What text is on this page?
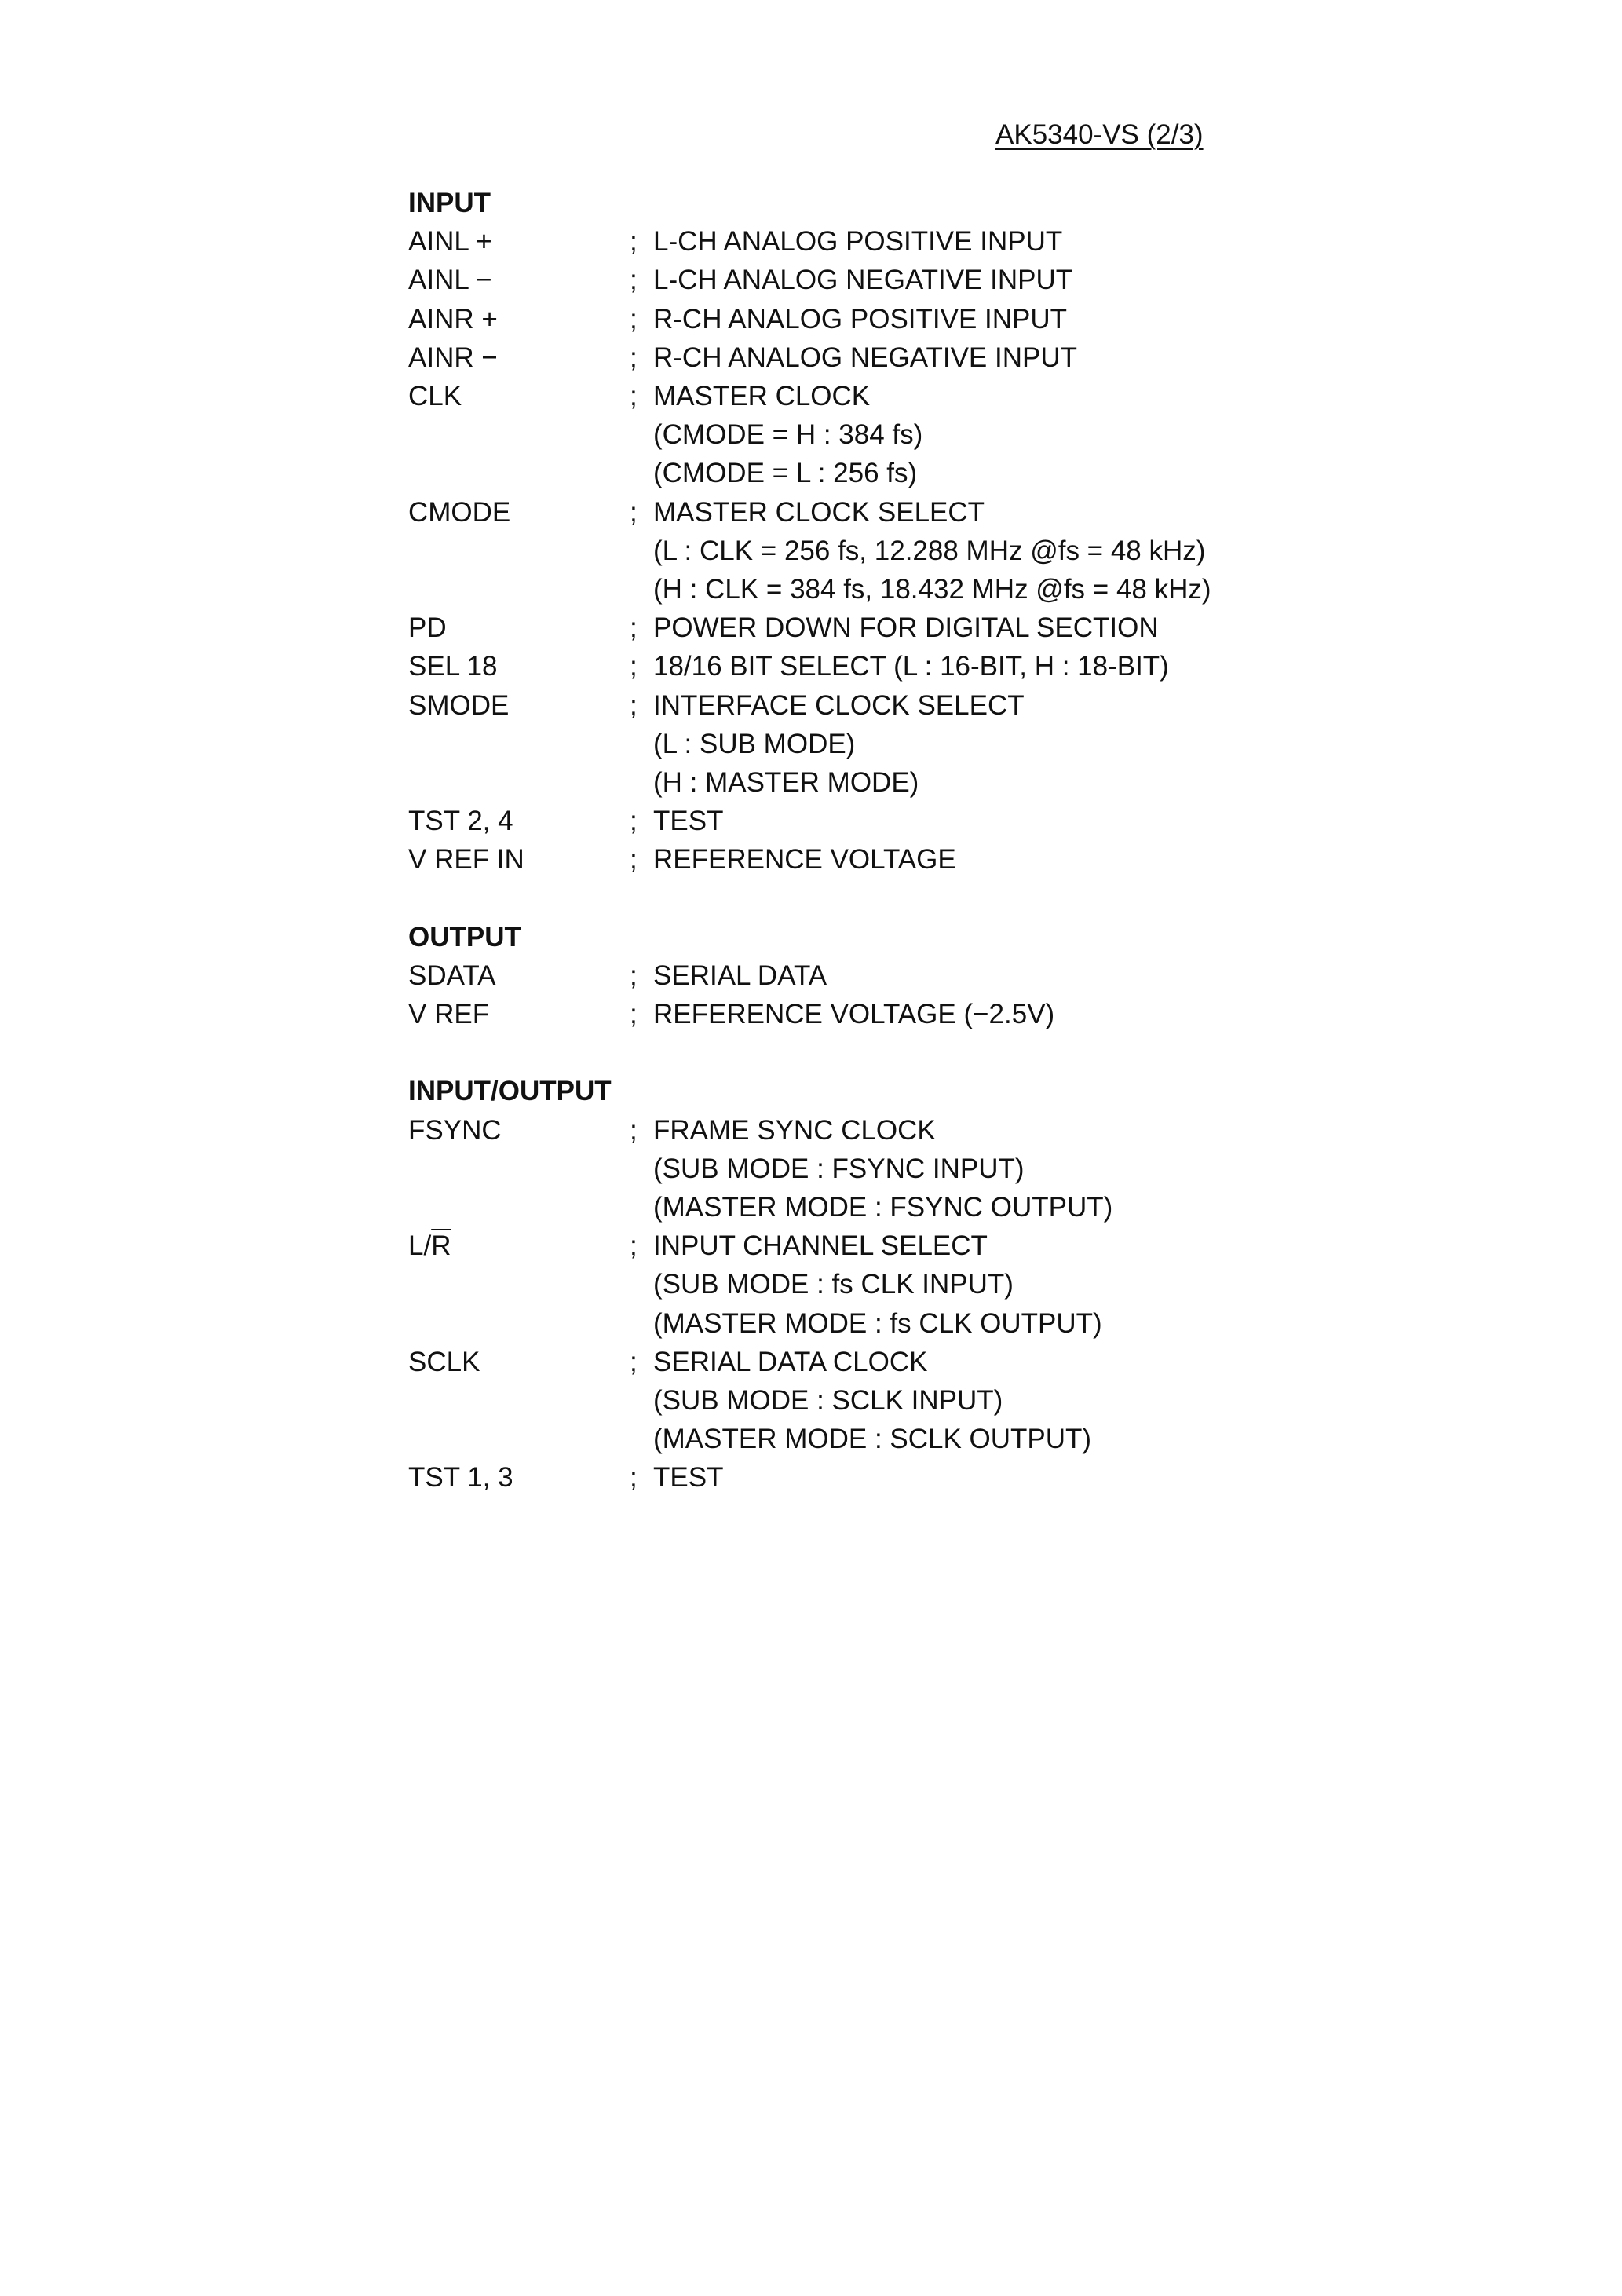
AK5340-VS (2/3)
INPUT
AINL +	; L-CH ANALOG POSITIVE INPUT
AINL −	; L-CH ANALOG NEGATIVE INPUT
AINR +	; R-CH ANALOG POSITIVE INPUT
AINR −	; R-CH ANALOG NEGATIVE INPUT
CLK	; MASTER CLOCK
(CMODE = H : 384 fs)
(CMODE = L : 256 fs)
CMODE	; MASTER CLOCK SELECT
(L : CLK = 256 fs, 12.288 MHz @fs = 48 kHz)
(H : CLK = 384 fs, 18.432 MHz @fs = 48 kHz)
PD	; POWER DOWN FOR DIGITAL SECTION
SEL 18	; 18/16 BIT SELECT (L : 16-BIT, H : 18-BIT)
SMODE	; INTERFACE CLOCK SELECT
(L : SUB MODE)
(H : MASTER MODE)
TST 2, 4	; TEST
V REF IN	; REFERENCE VOLTAGE
OUTPUT
SDATA	; SERIAL DATA
V REF	; REFERENCE VOLTAGE (−2.5V)
INPUT/OUTPUT
FSYNC	; FRAME SYNC CLOCK
(SUB MODE : FSYNC INPUT)
(MASTER MODE : FSYNC OUTPUT)
$L/\overline{R}$	; INPUT CHANNEL SELECT
(SUB MODE : fs CLK INPUT)
(MASTER MODE : fs CLK OUTPUT)
SCLK	; SERIAL DATA CLOCK
(SUB MODE : SCLK INPUT)
(MASTER MODE : SCLK OUTPUT)
TST 1, 3	; TEST
